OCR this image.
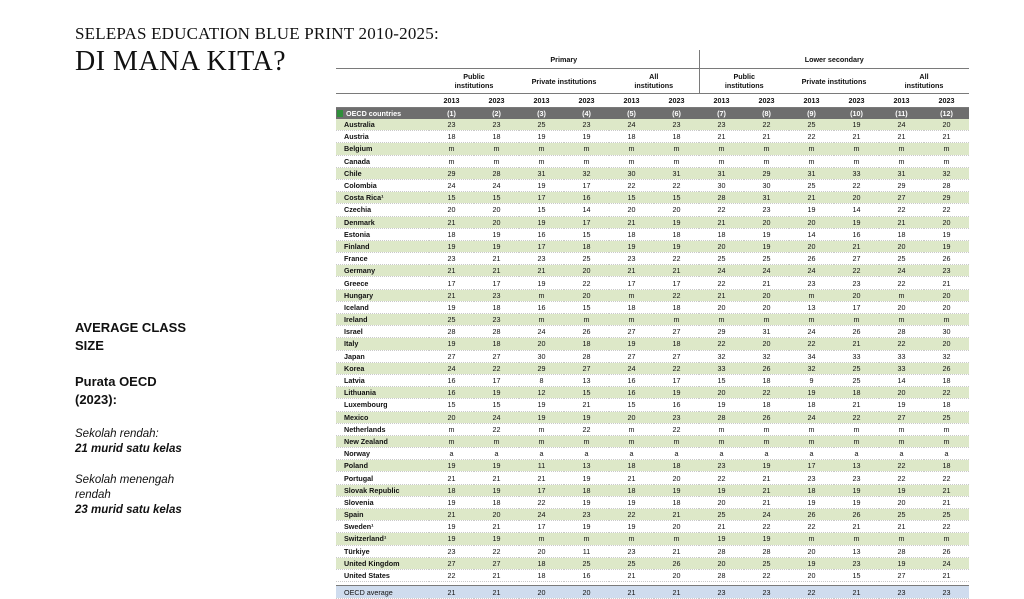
SELEPAS EDUCATION BLUE PRINT 2010-2025:
DI MANA KITA?
AVERAGE CLASS
SIZE
Purata OECD
(2023):
Sekolah rendah:
21 murid satu kelas
Sekolah menengah
rendah
23 murid satu kelas
	Primary						Lower secondary					
	Public
institutions		Private institutions		All
institutions		Public
institutions		Private institutions		All
institutions	
	2013	2023	2013	2023	2013	2023	2013	2023	2013	2023	2013	2023

OECD countries	(1)	(2)	(3)	(4)	(5)	(6)	(7)	(8)	(9)	(10)	(11)	(12)
Australia	23	23	25	23	24	23	23	22	25	19	24	20
Austria	18	18	19	19	18	18	21	21	22	21	21	21
Belgium	m	m	m	m	m	m	m	m	m	m	m	m
Canada	m	m	m	m	m	m	m	m	m	m	m	m
Chile	29	28	31	32	30	31	31	29	31	33	31	32
Colombia	24	24	19	17	22	22	30	30	25	22	29	28
Costa Rica¹	15	15	17	16	15	15	28	31	21	20	27	29
Czechia	20	20	15	14	20	20	22	23	19	14	22	22
Denmark	21	20	19	17	21	19	21	20	20	19	21	20
Estonia	18	19	16	15	18	18	18	19	14	16	18	19
Finland	19	19	17	18	19	19	20	19	20	21	20	19
France	23	21	23	25	23	22	25	25	26	27	25	26
Germany	21	21	21	20	21	21	24	24	24	22	24	23
Greece	17	17	19	22	17	17	22	21	23	23	22	21
Hungary	21	23	m	20	m	22	21	20	m	20	m	20
Iceland	19	18	16	15	18	18	20	20	13	17	20	20
Ireland	25	23	m	m	m	m	m	m	m	m	m	m
Israel	28	28	24	26	27	27	29	31	24	26	28	30
Italy	19	18	20	18	19	18	22	20	22	21	22	20
Japan	27	27	30	28	27	27	32	32	34	33	33	32
Korea	24	22	29	27	24	22	33	26	32	25	33	26
Latvia	16	17	8	13	16	17	15	18	9	25	14	18
Lithuania	16	19	12	15	16	19	20	22	19	18	20	22
Luxembourg	15	15	19	21	15	16	19	18	18	21	19	18
Mexico	20	24	19	19	20	23	28	26	24	22	27	25
Netherlands	m	22	m	22	m	22	m	m	m	m	m	m
New Zealand	m	m	m	m	m	m	m	m	m	m	m	m
Norway	a	a	a	a	a	a	a	a	a	a	a	a
Poland	19	19	11	13	18	18	23	19	17	13	22	18
Portugal	21	21	21	19	21	20	22	21	23	23	22	22
Slovak Republic	18	19	17	18	18	19	19	21	18	19	19	21
Slovenia	19	18	22	19	19	18	20	21	19	19	20	21
Spain	21	20	24	23	22	21	25	24	26	26	25	25
Sweden¹	19	21	17	19	19	20	21	22	22	21	21	22
Switzerland¹	19	19	m	m	m	m	19	19	m	m	m	m
Türkiye	23	22	20	11	23	21	28	28	20	13	28	26
United Kingdom	27	27	18	25	25	26	20	25	19	23	19	24
United States	22	21	18	16	21	20	28	22	20	15	27	21

OECD average	21	21	20	20	21	21	23	23	22	21	23	23
